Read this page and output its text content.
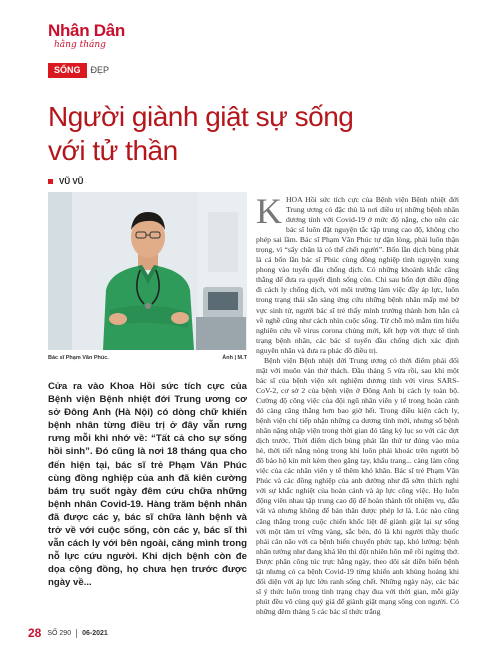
Nhân Dân
hằng tháng
SỐNG	ĐẸP
Người giành giật sự sống
với tử thần
VŨ VŨ
Bác sĩ Phạm Văn Phúc.	Ảnh | M.T

Cửa ra vào Khoa Hồi sức tích cực của Bệnh viện Bệnh nhiệt đới Trung ương cơ sở Đông Anh (Hà Nội) có dòng chữ khiến bệnh nhân từng điều trị ở đây vẫn rưng rưng mỗi khi nhớ về: “Tất cả cho sự sống hồi sinh”. Đó cũng là nơi 18 tháng qua cho đến hiện tại, bác sĩ trẻ Phạm Văn Phúc cùng đồng nghiệp của anh đã kiên cường bám trụ suốt ngày đêm cứu chữa những bệnh nhân Covid-19. Hàng trăm bệnh nhân đã được các y, bác sĩ chữa lành bệnh và trở về với cuộc sống, còn các y, bác sĩ thì vẫn cách ly với bên ngoài, căng mình trong nỗ lực cứu người. Khi dịch bệnh còn đe dọa cộng đồng, họ chưa hẹn trước được ngày về...

KHOA Hồi sức tích cực của Bệnh viện Bệnh nhiệt đới Trung ương có đặc thù là nơi điều trị những bệnh nhân dương tính với Covid-19 ở mức độ nặng, cho nên các bác sĩ luôn đặt nguyện tắc tập trung cao độ, không cho phép sai lầm. Bác sĩ Phạm Văn Phúc tự dặn lòng, phải luôn thận trọng, vì “sẩy chân là có thể chết người”. Bốn lần dịch bùng phát là cả bốn lần bác sĩ Phúc cùng đồng nghiệp tình nguyện xung phong vào tuyến đầu chống dịch. Có những khoảnh khắc căng thẳng để đưa ra quyết định sống còn. Chỉ sau bốn đợt điều động đi cách ly chống dịch, với môi trường làm việc đầy áp lực, luôn trong trạng thái sẵn sàng ứng cứu những bệnh nhân mấp mé bờ vực sinh tử, người bác sĩ trẻ thấy mình trưởng thành hơn hẳn cả về nghề cũng như cách nhìn cuộc sống. Từ chỗ mò mẫm tìm hiểu nghiên cứu về virus corona chủng mới, kết hợp với thực tế tình trạng bệnh nhân, các bác sĩ tuyến đầu chống dịch xác định nguyên nhân và đưa ra phác đồ điều trị.

Bệnh viện Bệnh nhiệt đới Trung ương có thời điểm phải đối mặt với muôn vàn thử thách. Đầu tháng 5 vừa rồi, sau khi một bác sĩ của bệnh viện xét nghiệm dương tính với virus SARS-CoV-2, cơ sở 2 của bệnh viện ở Đông Anh bị cách ly toàn bộ. Cường độ công việc của đội ngũ nhân viên y tế trong hoàn cảnh đó càng căng thẳng hơn bao giờ hết. Trong điều kiện cách ly, bệnh viện chỉ tiếp nhận những ca dương tính mới, nhưng số bệnh nhân nặng nhập viện trong thời gian đó tăng kỷ lục so với các đợt dịch trước. Thời điểm dịch bùng phát lần thứ tư đúng vào mùa hè, thời tiết nắng nóng trong khi luôn phải khoác trên người bộ đồ bảo hộ kín mít kèm theo găng tay, khẩu trang... càng làm công việc của các nhân viên y tế thêm khó khăn. Bác sĩ trẻ Phạm Văn Phúc và các đồng nghiệp của anh dường như đã sớm thích nghi với sự khắc nghiệt của hoàn cảnh và áp lực công việc. Họ luôn động viên nhau tập trung cao độ để hoàn thành tốt nhiệm vụ, dẫu vất vả nhưng không để bản thân được phép lơ là. Lúc nào cũng căng thẳng trong cuộc chiến khốc liệt để giành giật lại sự sống với một tâm trí vững vàng, sắc bén, đó là khi người thầy thuốc phải cân não với ca bệnh biến chuyển phức tạp, khó lường: bệnh nhân tưởng như đang khá lên thì đột nhiên hôn mê rồi ngừng thở. Được phân công túc trực hằng ngày, theo dõi sát diễn biến bệnh tật nhưng có ca bệnh Covid-19 từng khiến anh khủng hoảng khi đối diện với áp lực lớn ranh sống chết. Những ngày này, các bác sĩ ý thức luôn trong tình trạng chạy đua với thời gian, mỗi giây phút đều vô cùng quý giá để giành giật mạng sống con người. Có những đêm tháng 5 các bác sĩ thức trắng

28 SỐ 290 06-2021
